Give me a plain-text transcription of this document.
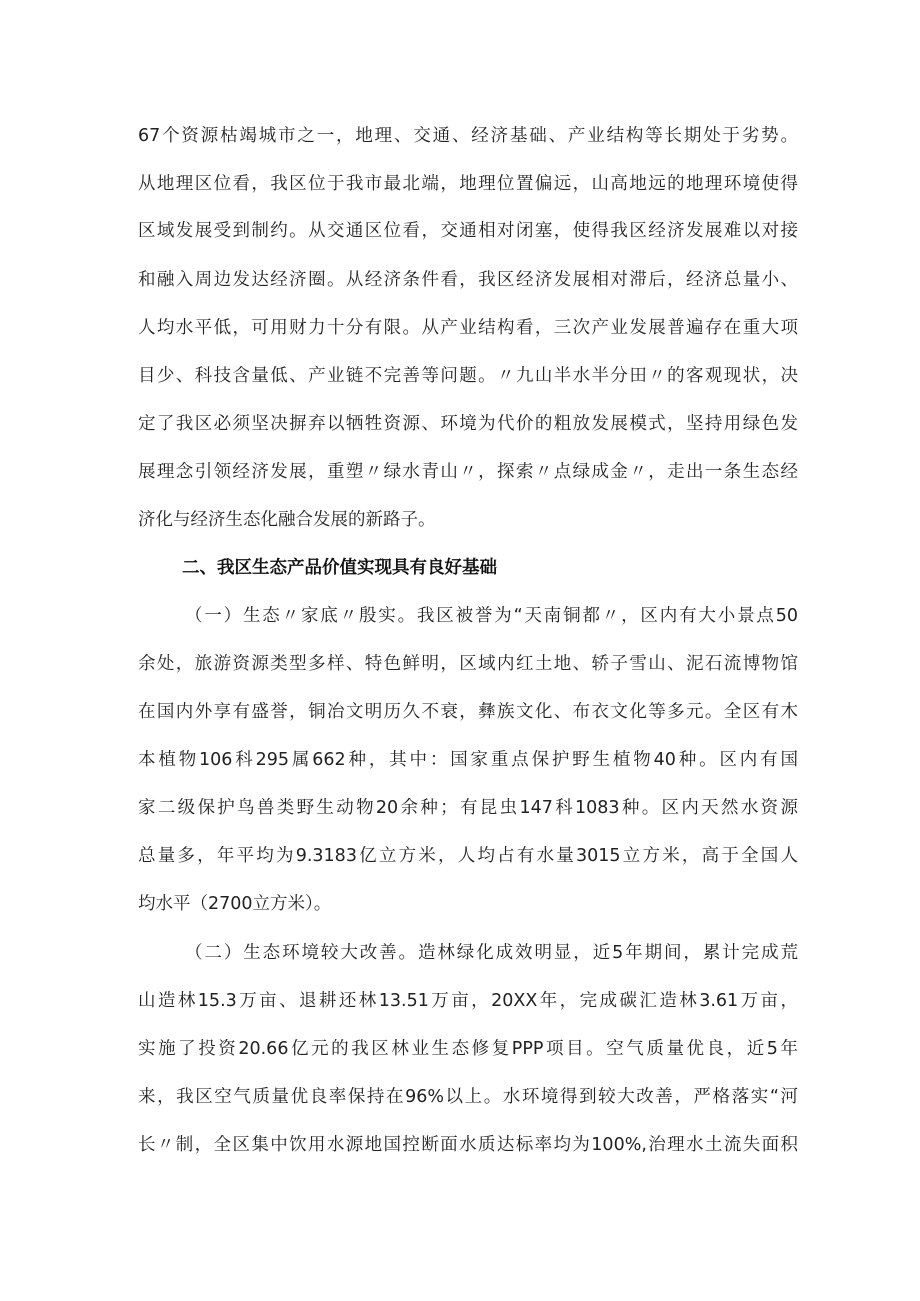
67个资源枯竭城市之一，地理、交通、经济基础、产业结构等长期处于劣势。
从地理区位看，我区位于我市最北端，地理位置偏远，山高地远的地理环境使得
区域发展受到制约。从交通区位看，交通相对闭塞，使得我区经济发展难以对接
和融入周边发达经济圈。从经济条件看，我区经济发展相对滞后，经济总量小、
人均水平低，可用财力十分有限。从产业结构看，三次产业发展普遍存在重大项
目少、科技含量低、产业链不完善等问题。〃九山半水半分田〃的客观现状，决
定了我区必须坚决摒弃以牺牲资源、环境为代价的粗放发展模式，坚持用绿色发
展理念引领经济发展，重塑〃绿水青山〃，探索〃点绿成金〃，走出一条生态经
济化与经济生态化融合发展的新路子。
二、我区生态产品价值实现具有良好基础
（一）生态〃家底〃殷实。我区被誉为“天南铜都〃，区内有大小景点50
余处，旅游资源类型多样、特色鲜明，区域内红土地、轿子雪山、泥石流博物馆
在国内外享有盛誉，铜冶文明历久不衰，彝族文化、布衣文化等多元。全区有木
本植物106科295属662种，其中：国家重点保护野生植物40种。区内有国
家二级保护鸟兽类野生动物20余种；有昆虫147科1083种。区内天然水资源
总量多，年平均为9.3183亿立方米，人均占有水量3015立方米，高于全国人
均水平（2700立方米）。
（二）生态环境较大改善。造林绿化成效明显，近5年期间，累计完成荒
山造林15.3万亩、退耕还林13.51万亩，20XX年，完成碳汇造林3.61万亩，
实施了投资20.66亿元的我区林业生态修复PPP项目。空气质量优良，近5年
来，我区空气质量优良率保持在96%以上。水环境得到较大改善，严格落实“河
长〃制，全区集中饮用水源地国控断面水质达标率均为100%,治理水土流失面积
